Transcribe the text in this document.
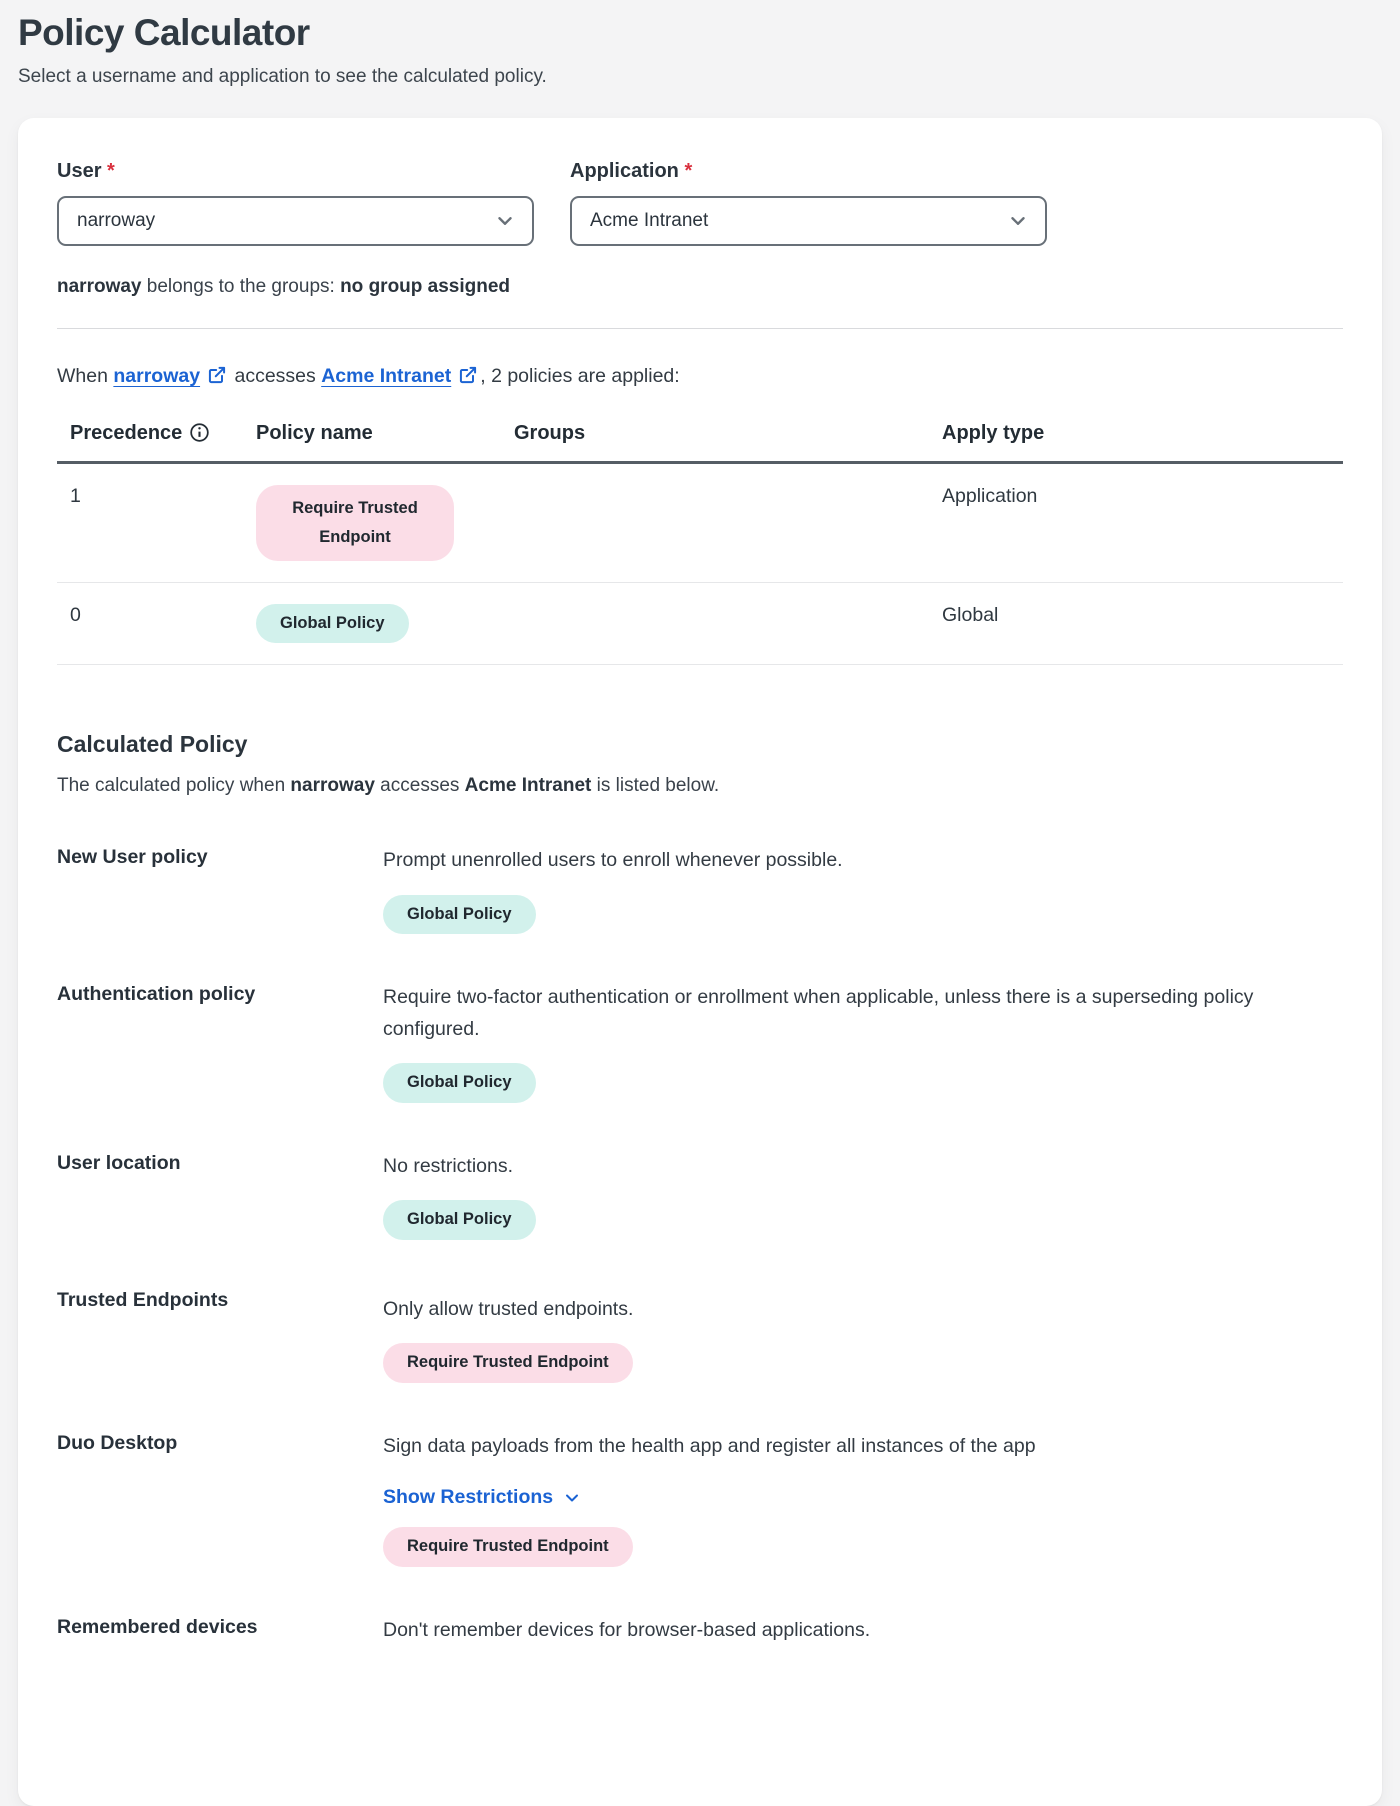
Policy Calculator

Select a username and application to see the calculated policy.

User *
narroway
Application *
Acme Intranet
narroway belongs to the groups: no group assigned
When narroway
accesses Acme Intranet , 2 policies are applied:
Precedence	Policy name	Groups	Apply type
1	Require Trusted Endpoint		Application
0	Global Policy		Global
Calculated Policy
The calculated policy when narroway accesses Acme Intranet is listed below.
New User policy	Prompt unenrolled users to enroll whenever possible.
Global Policy
Authentication policy	Require two-factor authentication or enrollment when applicable, unless there is a superseding policy configured.
Global Policy
User location	No restrictions.
Global Policy
Trusted Endpoints	Only allow trusted endpoints.
Require Trusted Endpoint
Duo Desktop	Sign data payloads from the health app and register all instances of the app
Show Restrictions
Require Trusted Endpoint
Remembered devices	Don't remember devices for browser-based applications.
